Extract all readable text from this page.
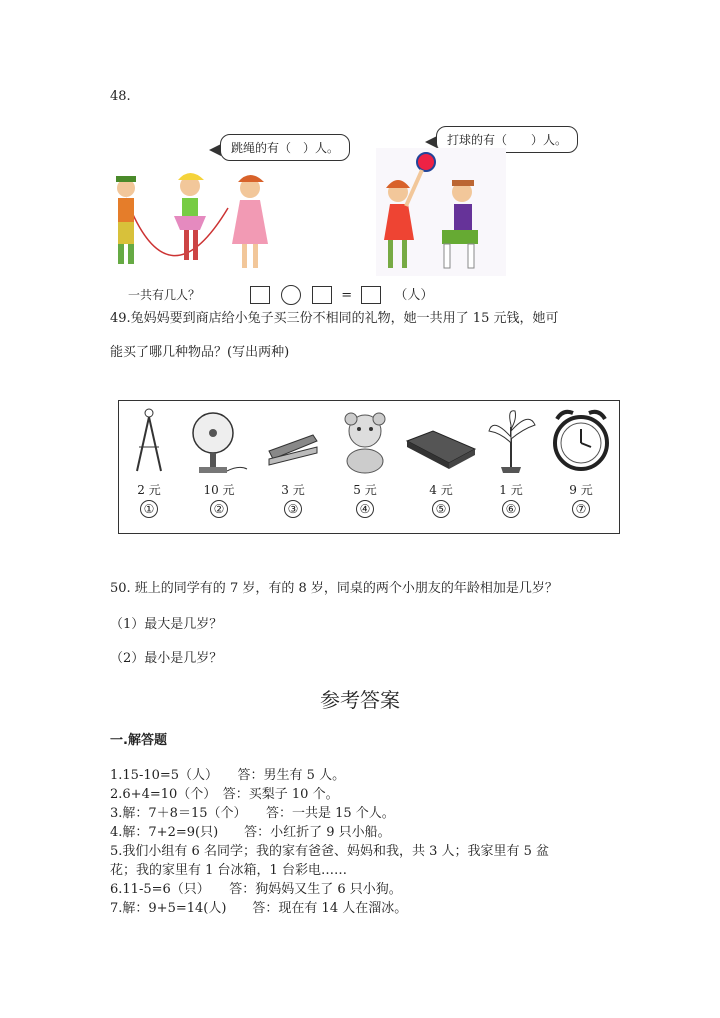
48.
跳绳的有（　）人。
打球的有（　　）人。
一共有几人？	=	（人）
49.兔妈妈要到商店给小兔子买三份不相同的礼物，她一共用了 15 元钱，她可
能买了哪几种物品？(写出两种)
2 元
①
10 元
②
3 元
③
5 元
④
4 元
⑤
1 元
⑥
9 元
⑦
50. 班上的同学有的 7 岁，有的 8 岁，同桌的两个小朋友的年龄相加是几岁？
（1）最大是几岁？
（2）最小是几岁？
参考答案
一.解答题
1.15-10=5（人）　　答：男生有 5 人。
2.6+4=10（个）　答：买梨子 10 个。
3.解：7＋8＝15（个）　　答：一共是 15 个人。
4.解：7+2=9(只)　　答：小红折了 9 只小船。
5.我们小组有 6 名同学；我的家有爸爸、妈妈和我，共 3 人；我家里有 5 盆
花；我的家里有 1 台冰箱，1 台彩电……
6.11-5=6（只）　　答：狗妈妈又生了 6 只小狗。
7.解：9+5=14(人)　　答：现在有 14 人在溜冰。
